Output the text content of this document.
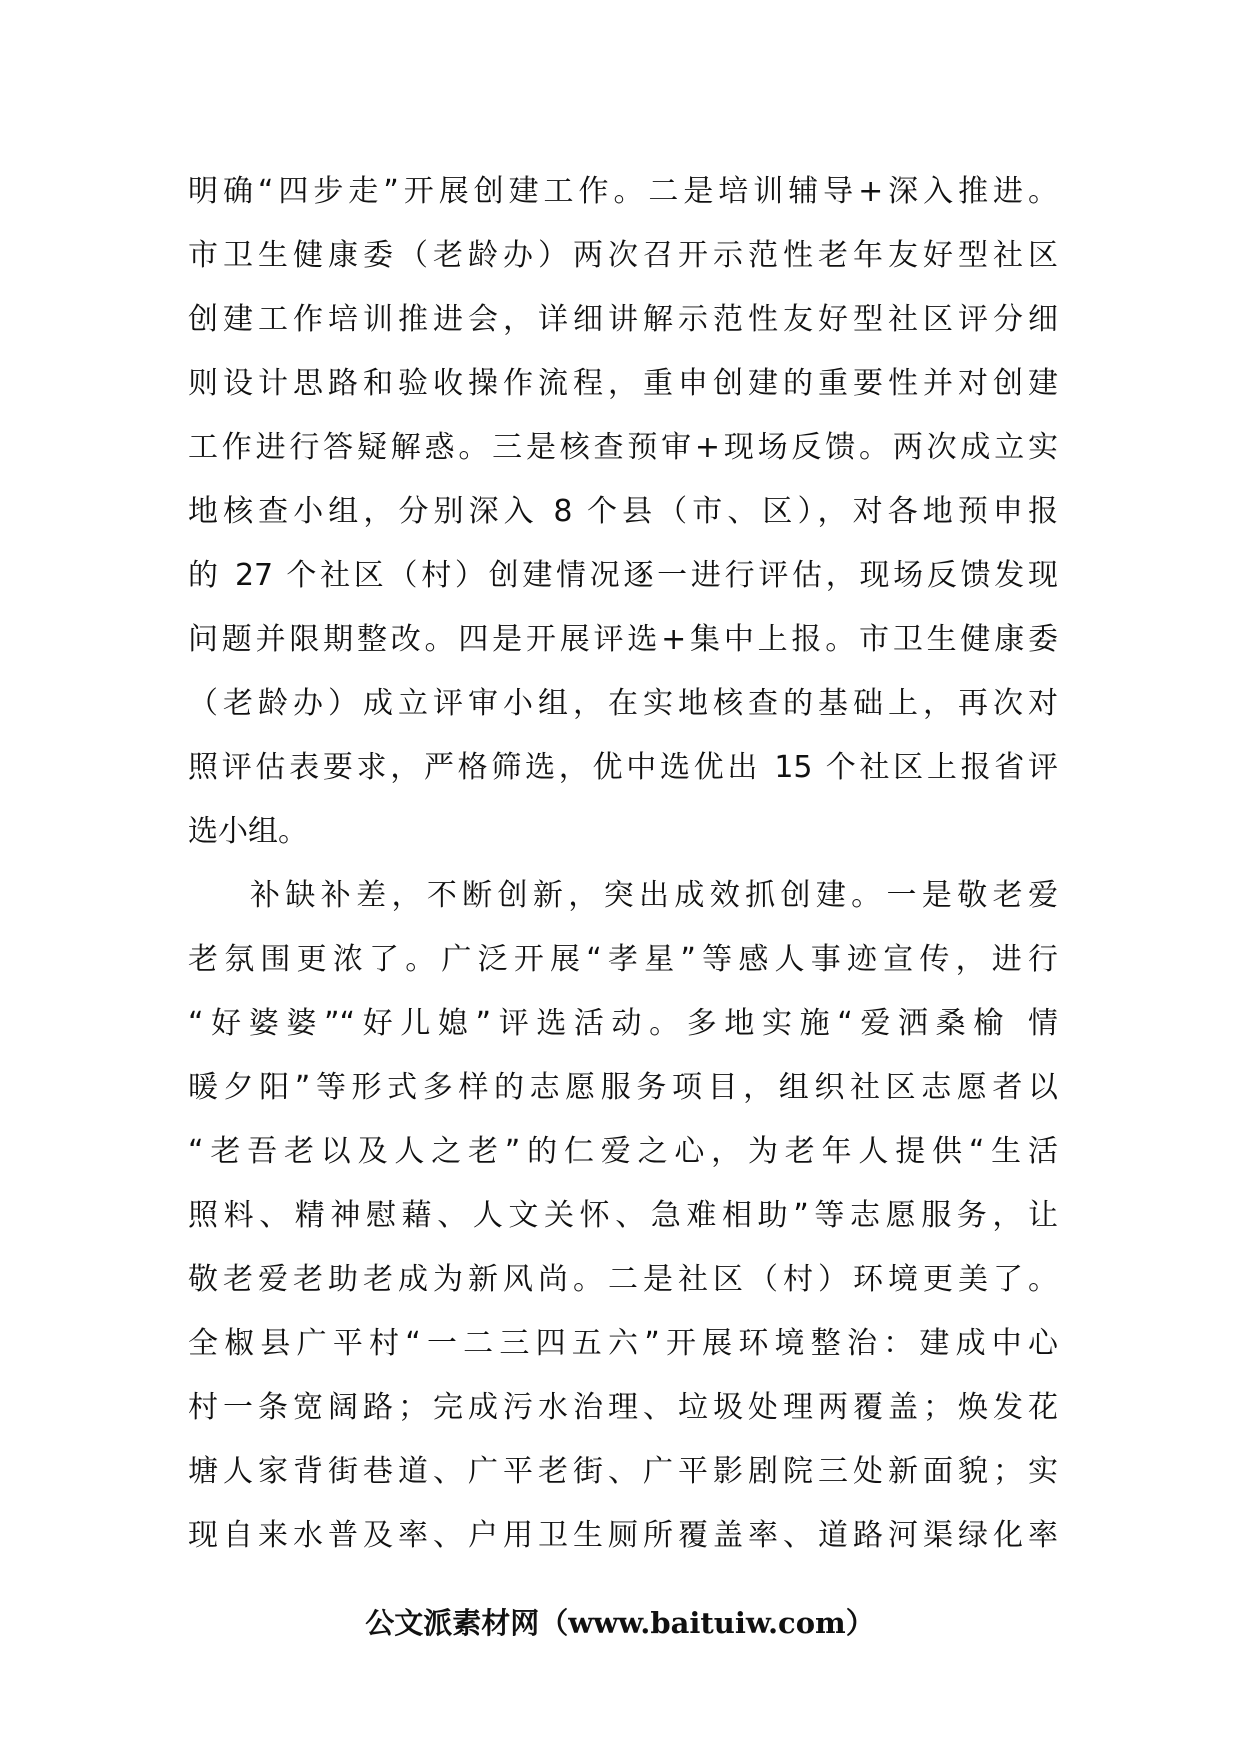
明确“四步走”开展创建工作。二是培训辅导+深入推进。
市卫生健康委（老龄办）两次召开示范性老年友好型社区
创建工作培训推进会，详细讲解示范性友好型社区评分细
则设计思路和验收操作流程，重申创建的重要性并对创建
工作进行答疑解惑。三是核查预审+现场反馈。两次成立实
地核查小组，分别深入 8 个县（市、区），对各地预申报
的 27 个社区（村）创建情况逐一进行评估，现场反馈发现
问题并限期整改。四是开展评选+集中上报。市卫生健康委
（老龄办）成立评审小组，在实地核查的基础上，再次对
照评估表要求，严格筛选，优中选优出 15 个社区上报省评
选小组。
补缺补差，不断创新，突出成效抓创建。一是敬老爱
老氛围更浓了。广泛开展“孝星”等感人事迹宣传，进行
“好婆婆”“好儿媳”评选活动。多地实施“爱洒桑榆 情
暖夕阳”等形式多样的志愿服务项目，组织社区志愿者以
“老吾老以及人之老”的仁爱之心，为老年人提供“生活
照料、精神慰藉、人文关怀、急难相助”等志愿服务，让
敬老爱老助老成为新风尚。二是社区（村）环境更美了。
全椒县广平村“一二三四五六”开展环境整治：建成中心
村一条宽阔路；完成污水治理、垃圾处理两覆盖；焕发花
塘人家背街巷道、广平老街、广平影剧院三处新面貌；实
现自来水普及率、户用卫生厕所覆盖率、道路河渠绿化率
公文派素材网（www.baituiw.com）
